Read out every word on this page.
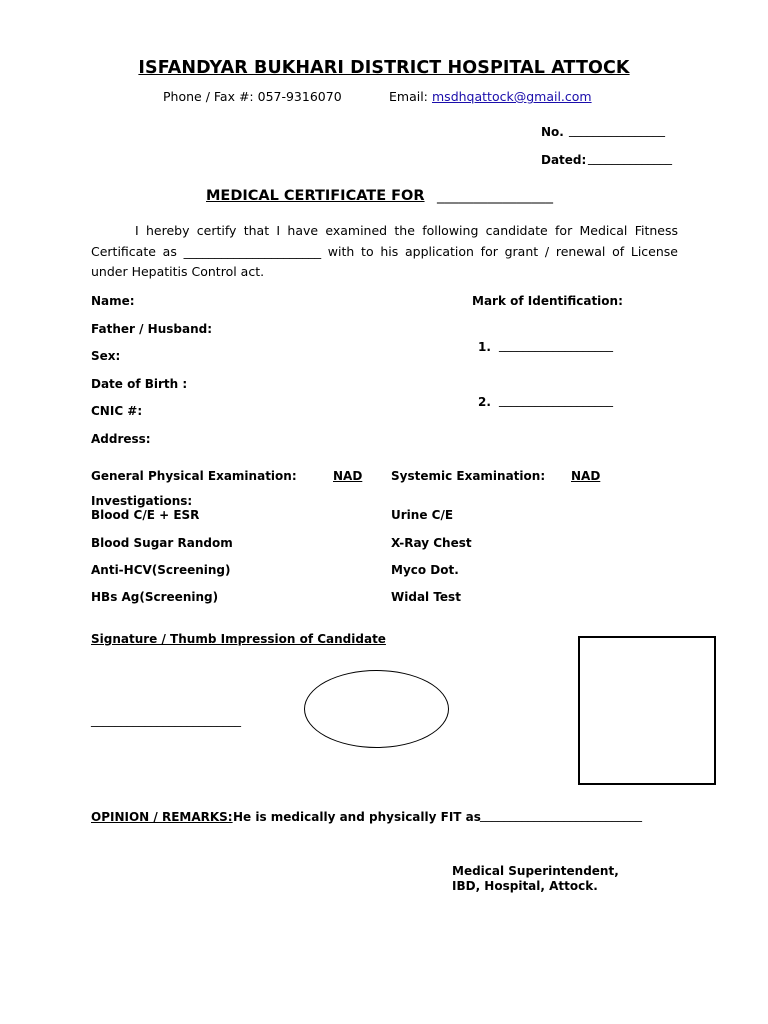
ISFANDYAR BUKHARI DISTRICT HOSPITAL ATTOCK
Phone / Fax #: 057-9316070	Email: msdhqattock@gmail.com
No. ________________
Dated: ______________
MEDICAL CERTIFICATE FOR ________________
I hereby certify that I have examined the following candidate for Medical Fitness Certificate as ______________________ with to his application for grant / renewal of License under Hepatitis Control act.
Name:
Father / Husband:
Sex:
Date of Birth :
CNIC #:
Address:
Mark of Identification:
1. ___________________
2. ___________________
General Physical Examination:	NAD Systemic Examination: NAD
Investigations:
Blood C/E + ESR
Blood Sugar Random
Anti-HCV(Screening)
HBs Ag(Screening)
Urine C/E
X-Ray Chest
Myco Dot.
Widal Test
Signature / Thumb Impression of Candidate
_________________________
OPINION / REMARKS: He is medically and physically FIT as ___________________________
Medical Superintendent,
IBD, Hospital, Attock.
